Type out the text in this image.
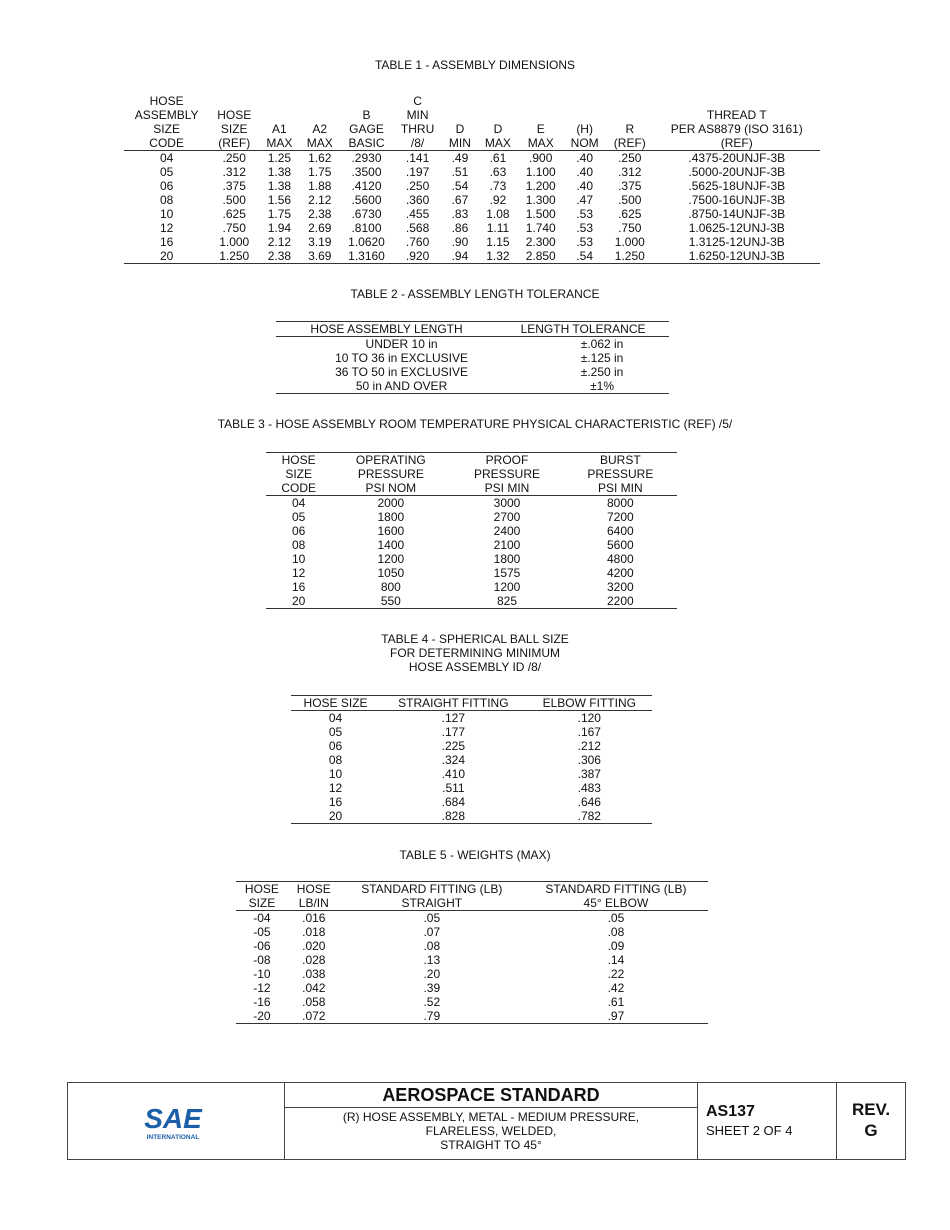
TABLE 1 - ASSEMBLY DIMENSIONS
HOSE					C						
ASSEMBLY	HOSE			B	MIN						THREAD T
SIZE	SIZE	A1	A2	GAGE	THRU	D	D	E	(H)	R	PER AS8879 (ISO 3161)
CODE	(REF)	MAX	MAX	BASIC	/8/	MIN	MAX	MAX	NOM	(REF)	(REF)
04	.250	1.25	1.62	.2930	.141	.49	.61	.900	.40	.250	.4375-20UNJF-3B
05	.312	1.38	1.75	.3500	.197	.51	.63	1.100	.40	.312	.5000-20UNJF-3B
06	.375	1.38	1.88	.4120	.250	.54	.73	1.200	.40	.375	.5625-18UNJF-3B
08	.500	1.56	2.12	.5600	.360	.67	.92	1.300	.47	.500	.7500-16UNJF-3B
10	.625	1.75	2.38	.6730	.455	.83	1.08	1.500	.53	.625	.8750-14UNJF-3B
12	.750	1.94	2.69	.8100	.568	.86	1.11	1.740	.53	.750	1.0625-12UNJ-3B
16	1.000	2.12	3.19	1.0620	.760	.90	1.15	2.300	.53	1.000	1.3125-12UNJ-3B
20	1.250	2.38	3.69	1.3160	.920	.94	1.32	2.850	.54	1.250	1.6250-12UNJ-3B
TABLE 2 - ASSEMBLY LENGTH TOLERANCE
HOSE ASSEMBLY LENGTH	LENGTH TOLERANCE
UNDER 10 in	±.062 in
10 TO 36 in EXCLUSIVE	±.125 in
36 TO 50 in EXCLUSIVE	±.250 in
50 in AND OVER	±1%
TABLE 3 - HOSE ASSEMBLY ROOM TEMPERATURE PHYSICAL CHARACTERISTIC (REF) /5/
HOSE	OPERATING	PROOF	BURST
SIZE	PRESSURE	PRESSURE	PRESSURE
CODE	PSI NOM	PSI MIN	PSI MIN
04	2000	3000	8000
05	1800	2700	7200
06	1600	2400	6400
08	1400	2100	5600
10	1200	1800	4800
12	1050	1575	4200
16	800	1200	3200
20	550	825	2200
TABLE 4 - SPHERICAL BALL SIZE
FOR DETERMINING MINIMUM
HOSE ASSEMBLY ID /8/
HOSE SIZE	STRAIGHT FITTING	ELBOW FITTING
04	.127	.120
05	.177	.167
06	.225	.212
08	.324	.306
10	.410	.387
12	.511	.483
16	.684	.646
20	.828	.782
TABLE 5 - WEIGHTS (MAX)
HOSE	HOSE	STANDARD FITTING (LB)	STANDARD FITTING (LB)
SIZE	LB/IN	STRAIGHT	45° ELBOW
-04	.016	.05	.05
-05	.018	.07	.08
-06	.020	.08	.09
-08	.028	.13	.14
-10	.038	.20	.22
-12	.042	.39	.42
-16	.058	.52	.61
-20	.072	.79	.97
SAE
INTERNATIONAL
AEROSPACE STANDARD
(R) HOSE ASSEMBLY, METAL - MEDIUM PRESSURE,
FLARELESS, WELDED,
STRAIGHT TO 45°
AS137
SHEET 2 OF 4
REV.
G
